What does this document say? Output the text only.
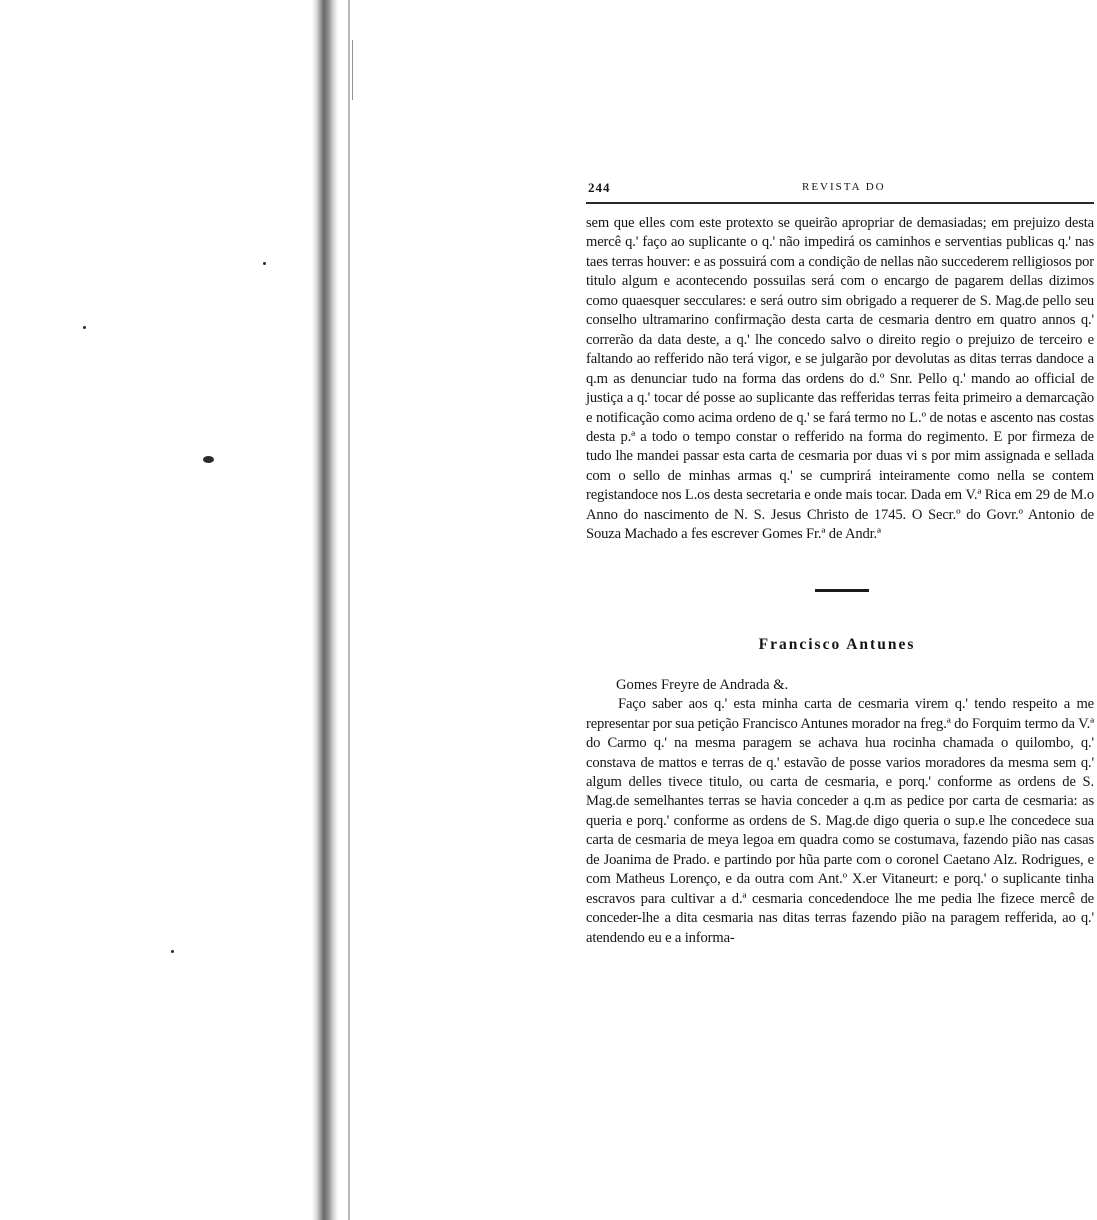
244	REVISTA DO

sem que elles com este protexto se queirão apropriar de demasiadas; em prejuizo desta mercê q.' faço ao suplicante o q.' não impedirá os caminhos e serventias publicas q.' nas taes terras houver: e as possuirá com a condição de nellas não succederem relligiosos por titulo algum e acontecendo possuilas será com o encargo de pagarem dellas dizimos como quaesquer secculares: e será outro sim obrigado a requerer de S. Mag.de pello seu conselho ultramarino confirmação desta carta de cesmaria dentro em quatro annos q.' correrão da data deste, a q.' lhe concedo salvo o direito regio o prejuizo de terceiro e faltando ao refferido não terá vigor, e se julgarão por devolutas as ditas terras dandoce a q.m as denunciar tudo na forma das ordens do d.º Snr. Pello q.' mando ao official de justiça a q.' tocar dé posse ao suplicante das refferidas terras feita primeiro a demarcação e notificação como acima ordeno de q.' se fará termo no L.º de notas e ascento nas costas desta p.ª a todo o tempo constar o refferido na forma do regimento. E por firmeza de tudo lhe mandei passar esta carta de cesmaria por duas vi s por mim assignada e sellada com o sello de minhas armas q.' se cumprirá inteiramente como nella se contem registandoce nos L.os desta secretaria e onde mais tocar. Dada em V.ª Rica em 29 de M.o Anno do nascimento de N. S. Jesus Christo de 1745. O Secr.º do Govr.º Antonio de Souza Machado a fes escrever Gomes Fr.ª de Andr.ª

Francisco Antunes

Gomes Freyre de Andrada &.

Faço saber aos q.' esta minha carta de cesmaria virem q.' tendo respeito a me representar por sua petição Francisco Antunes morador na freg.ª do Forquim termo da V.ª do Carmo q.' na mesma paragem se achava hua rocinha chamada o quilombo, q.' constava de mattos e terras de q.' estavão de posse varios moradores da mesma sem q.' algum delles tivece titulo, ou carta de cesmaria, e porq.' conforme as ordens de S. Mag.de semelhantes terras se havia conceder a q.m as pedice por carta de cesmaria: as queria e porq.' conforme as ordens de S. Mag.de digo queria o sup.e lhe concedece sua carta de cesmaria de meya legoa em quadra como se costumava, fazendo pião nas casas de Joanima de Prado. e partindo por hũa parte com o coronel Caetano Alz. Rodrigues, e com Matheus Lorenço, e da outra com Ant.º X.er Vitaneurt: e porq.' o suplicante tinha escravos para cultivar a d.ª cesmaria concedendoce lhe me pedia lhe fizece mercê de conceder-lhe a dita cesmaria nas ditas terras fazendo pião na paragem refferida, ao q.' atendendo eu e a informa-
